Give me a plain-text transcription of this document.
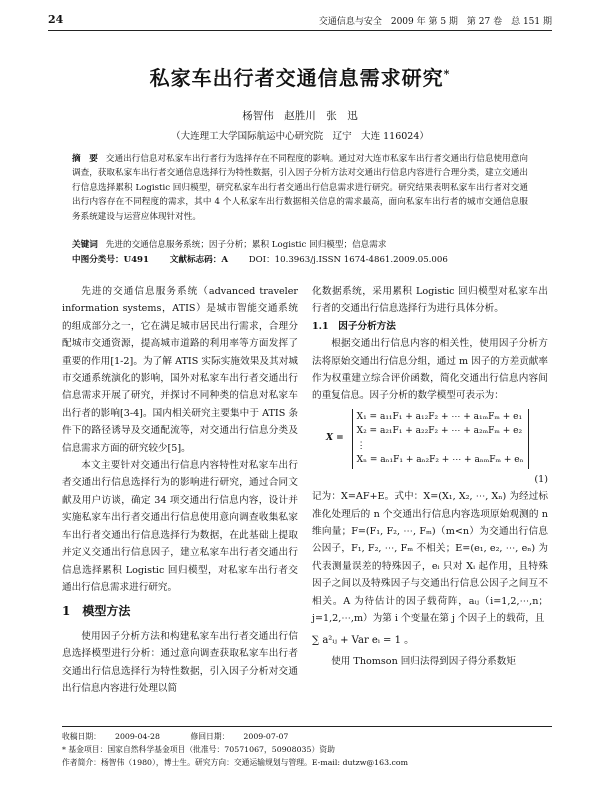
24	交通信息与安全　2009 年 第 5 期　第 27 卷　总 151 期
私家车出行者交通信息需求研究*
杨智伟　赵胜川　张　迅
（大连理工大学国际航运中心研究院　辽宁　大连 116024）
摘　要 交通出行信息对私家车出行者行为选择存在不同程度的影响。通过对大连市私家车出行者交通出行信息使用意向调查，获取私家车出行者交通信息选择行为特性数据，引入因子分析方法对交通出行信息内容进行合理分类，建立交通出行信息选择累积 Logistic 回归模型，研究私家车出行者交通出行信息需求进行研究。研究结果表明私家车出行者对交通出行内容存在不同程度的需求，其中 4 个人私家车出行数据相关信息的需求最高，面向私家车出行者的城市交通信息服务系统建设与运营应体现针对性。
关键词 先进的交通信息服务系统；因子分析；累积 Logistic 回归模型；信息需求
中图分类号：U491 文献标志码：A DOI：10.3963/j.ISSN 1674-4861.2009.05.006

先进的交通信息服务系统（advanced traveler information systems，ATIS）是城市智能交通系统的组成部分之一，它在满足城市居民出行需求，合理分配城市交通资源，提高城市道路的利用率等方面发挥了重要的作用[1-2]。为了解 ATIS 实际实施效果及其对城市交通系统演化的影响，国外对私家车出行者交通出行信息需求开展了研究，并探讨不同种类的信息对私家车出行者的影响[3-4]。国内相关研究主要集中于 ATIS 条件下的路径诱导及交通配流等，对交通出行信息分类及信息需求方面的研究较少[5]。

本文主要针对交通出行信息内容特性对私家车出行者交通出行信息选择行为的影响进行研究，通过合同文献及用户访谈，确定 34 项交通出行信息内容，设计并实施私家车出行者交通出行信息使用意向调查收集私家车出行者交通出行信息选择行为数据，在此基础上提取并定义交通出行信息因子，建立私家车出行者交通出行信息选择累积 Logistic 回归模型，对私家车出行者交通出行信息需求进行研究。

1　模型方法

使用因子分析方法和构建私家车出行者交通出行信息选择模型进行分析：通过意向调查获取私家车出行者交通出行信息选择行为特性数据，引入因子分析对交通出行信息内容进行处理以简

化数据系统，采用累积 Logistic 回归模型对私家车出行者的交通出行信息选择行为进行具体分析。

1.1　因子分析方法

根据交通出行信息内容的相关性，使用因子分析方法将原始交通出行信息分组，通过 m 因子的方差贡献率作为权重建立综合评价函数，简化交通出行信息内容间的重复信息。因子分析的数学模型可表示为：

X =
X₁ = a₁₁F₁ + a₁₂F₂ + ⋯ + a₁ₘFₘ + e₁
X₂ = a₂₁F₁ + a₂₂F₂ + ⋯ + a₂ₘFₘ + e₂
⋮
Xₙ = aₙ₁F₁ + aₙ₂F₂ + ⋯ + aₙₘFₘ + eₙ
(1)

记为：X=AF+E。式中：X=(X₁, X₂, ⋯, Xₙ) 为经过标准化处理后的 n 个交通出行信息内容选项原始观测的 n 维向量；F=(F₁, F₂, ⋯, Fₘ)（m<n）为交通出行信息公因子，F₁, F₂, ⋯, Fₘ 不相关；E=(e₁, e₂, ⋯, eₙ) 为代表测量误差的特殊因子，eᵢ 只对 Xᵢ 起作用，且特殊因子之间以及特殊因子与交通出行信息公因子之间互不相关。A 为待估计的因子载荷阵，aᵢⱼ（i=1,2,⋯,n；j=1,2,⋯,m）为第 i 个变量在第 j 个因子上的载荷，且

∑ a²ᵢⱼ + Var eᵢ = 1 。

使用 Thomson 回归法得到因子得分系数矩

收稿日期： 2009-04-28	修回日期： 2009-07-07
* 基金项目：国家自然科学基金项目（批准号：70571067，50908035）资助
作者简介：杨智伟（1980），博士生。研究方向：交通运输规划与管理。E-mail: dutzw@163.com
